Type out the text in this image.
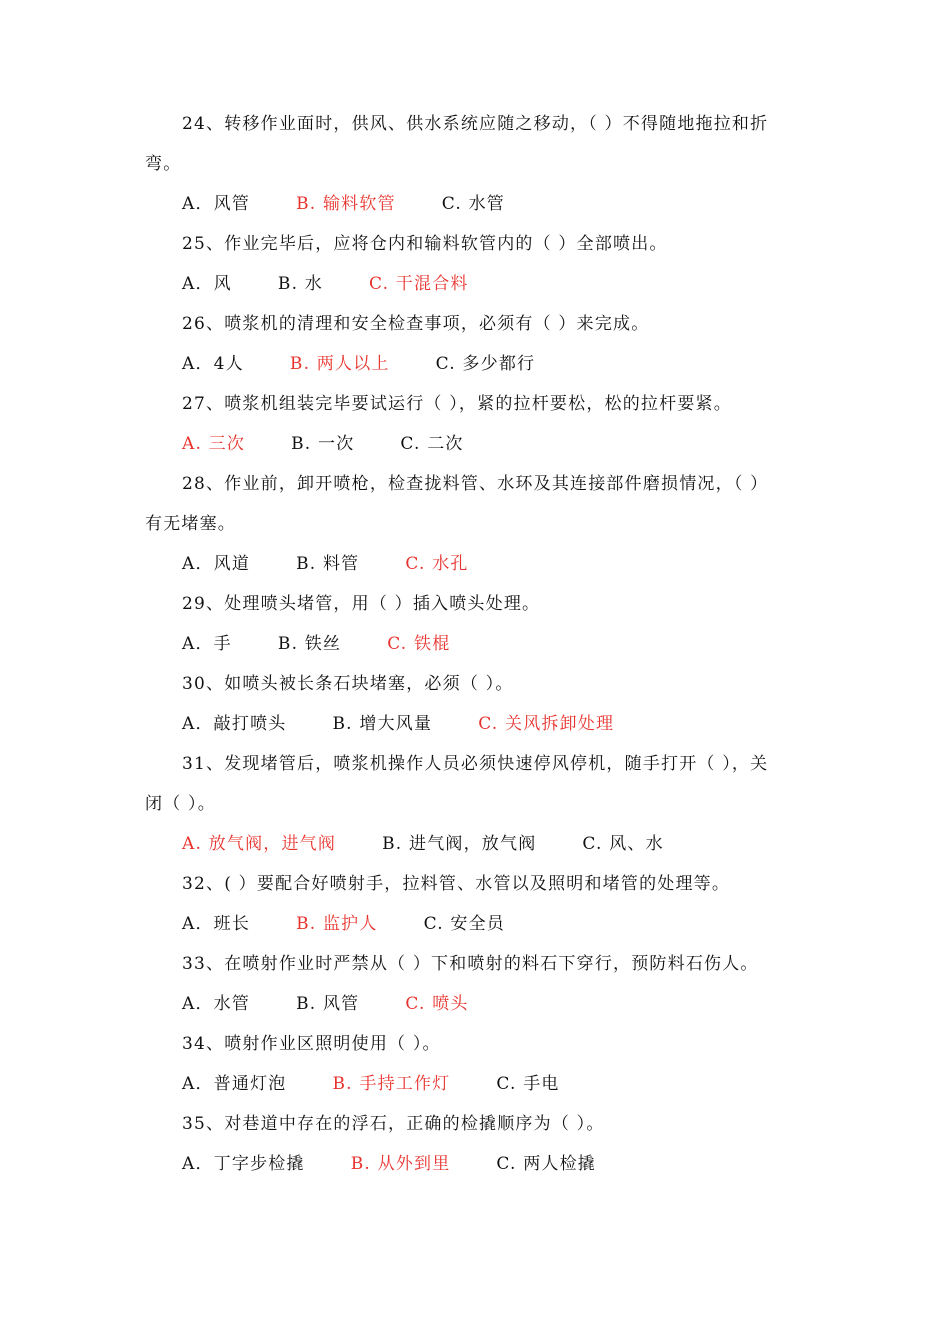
24、转移作业面时，供风、供水系统应随之移动，（ ）不得随地拖拉和折
弯。
A．风管	B. 输料软管	C. 水管
25、作业完毕后，应将仓内和输料软管内的（ ）全部喷出。
A．风	B. 水	C. 干混合料
26、喷浆机的清理和安全检查事项，必须有（ ）来完成。
A．4人	B. 两人以上	C. 多少都行
27、喷浆机组装完毕要试运行（ ），紧的拉杆要松，松的拉杆要紧。
A. 三次	B. 一次	C. 二次
28、作业前，卸开喷枪，检查拢料管、水环及其连接部件磨损情况，（ ）
有无堵塞。
A．风道	B. 料管	C. 水孔
29、处理喷头堵管，用（ ）插入喷头处理。
A．手	B. 铁丝	C. 铁棍
30、如喷头被长条石块堵塞，必须（ ）。
A．敲打喷头	B. 增大风量	C. 关风拆卸处理
31、发现堵管后，喷浆机操作人员必须快速停风停机，随手打开（ ），关
闭（ ）。
A. 放气阀，进气阀	B. 进气阀，放气阀	C. 风、水
32、( ）要配合好喷射手，拉料管、水管以及照明和堵管的处理等。
A．班长	B. 监护人	C. 安全员
33、在喷射作业时严禁从（ ）下和喷射的料石下穿行，预防料石伤人。
A．水管	B. 风管	C. 喷头
34、喷射作业区照明使用（ ）。
A．普通灯泡	B. 手持工作灯	C. 手电
35、对巷道中存在的浮石，正确的检撬顺序为（ ）。
A．丁字步检撬	B. 从外到里	C. 两人检撬
